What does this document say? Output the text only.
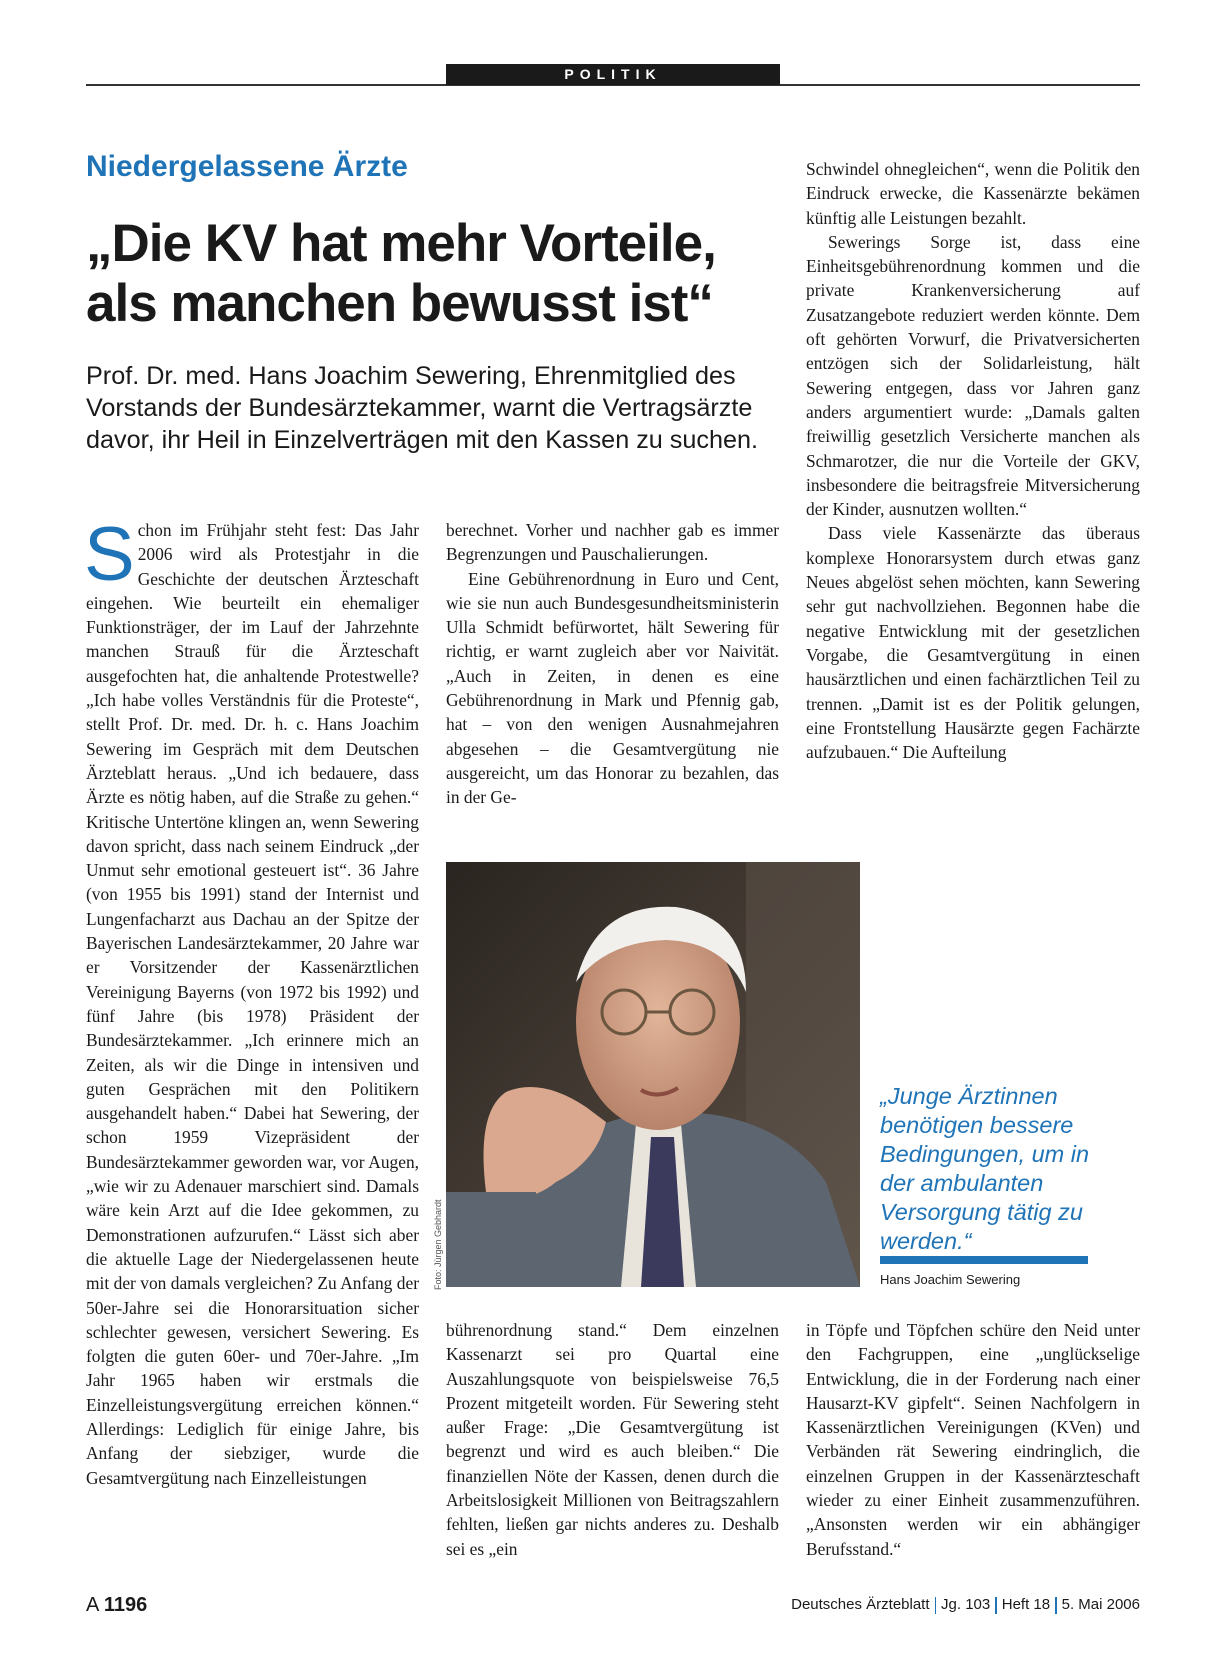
POLITIK
Niedergelassene Ärzte
„Die KV hat mehr Vorteile, als manchen bewusst ist“
Prof. Dr. med. Hans Joachim Sewering, Ehrenmitglied des Vorstands der Bundesärztekammer, warnt die Vertragsärzte davor, ihr Heil in Einzelverträgen mit den Kassen zu suchen.

Schon im Frühjahr steht fest: Das Jahr 2006 wird als Protestjahr in die Geschichte der deutschen Ärzteschaft eingehen. Wie beurteilt ein ehemaliger Funktionsträger, der im Lauf der Jahrzehnte manchen Strauß für die Ärzteschaft ausgefochten hat, die anhaltende Protestwelle? „Ich habe volles Verständnis für die Proteste“, stellt Prof. Dr. med. Dr. h. c. Hans Joachim Sewering im Gespräch mit dem Deutschen Ärzteblatt heraus. „Und ich bedauere, dass Ärzte es nötig haben, auf die Straße zu gehen.“ Kritische Untertöne klingen an, wenn Sewering davon spricht, dass nach seinem Eindruck „der Unmut sehr emotional gesteuert ist“. 36 Jahre (von 1955 bis 1991) stand der Internist und Lungenfacharzt aus Dachau an der Spitze der Bayerischen Landesärztekammer, 20 Jahre war er Vorsitzender der Kassenärztlichen Vereinigung Bayerns (von 1972 bis 1992) und fünf Jahre (bis 1978) Präsident der Bundesärztekammer. „Ich erinnere mich an Zeiten, als wir die Dinge in intensiven und guten Gesprächen mit den Politikern ausgehandelt haben.“ Dabei hat Sewering, der schon 1959 Vizepräsident der Bundesärztekammer geworden war, vor Augen, „wie wir zu Adenauer marschiert sind. Damals wäre kein Arzt auf die Idee gekommen, zu Demonstrationen aufzurufen.“ Lässt sich aber die aktuelle Lage der Niedergelassenen heute mit der von damals vergleichen? Zu Anfang der 50er-Jahre sei die Honorarsituation sicher schlechter gewesen, versichert Sewering. Es folgten die guten 60er- und 70er-Jahre. „Im Jahr 1965 haben wir erstmals die Einzelleistungsvergütung erreichen können.“ Allerdings: Lediglich für einige Jahre, bis Anfang der siebziger, wurde die Gesamtvergütung nach Einzelleistungen

berechnet. Vorher und nachher gab es immer Begrenzungen und Pauschalierungen.

Eine Gebührenordnung in Euro und Cent, wie sie nun auch Bundesgesundheitsministerin Ulla Schmidt befürwortet, hält Sewering für richtig, er warnt zugleich aber vor Naivität. „Auch in Zeiten, in denen es eine Gebührenordnung in Mark und Pfennig gab, hat – von den wenigen Ausnahmejahren abgesehen – die Gesamtvergütung nie ausgereicht, um das Honorar zu bezahlen, das in der Ge-

Foto: Jürgen Gebhardt
„Junge Ärztinnen benötigen bessere Bedingungen, um in der ambulanten Versorgung tätig zu werden.“
Hans Joachim Sewering

bührenordnung stand.“ Dem einzelnen Kassenarzt sei pro Quartal eine Auszahlungsquote von beispielsweise 76,5 Prozent mitgeteilt worden. Für Sewering steht außer Frage: „Die Gesamtvergütung ist begrenzt und wird es auch bleiben.“ Die finanziellen Nöte der Kassen, denen durch die Arbeitslosigkeit Millionen von Beitragszahlern fehlten, ließen gar nichts anderes zu. Deshalb sei es „ein

Schwindel ohnegleichen“, wenn die Politik den Eindruck erwecke, die Kassenärzte bekämen künftig alle Leistungen bezahlt.

Sewerings Sorge ist, dass eine Einheitsgebührenordnung kommen und die private Krankenversicherung auf Zusatzangebote reduziert werden könnte. Dem oft gehörten Vorwurf, die Privatversicherten entzögen sich der Solidarleistung, hält Sewering entgegen, dass vor Jahren ganz anders argumentiert wurde: „Damals galten freiwillig gesetzlich Versicherte manchen als Schmarotzer, die nur die Vorteile der GKV, insbesondere die beitragsfreie Mitversicherung der Kinder, ausnutzen wollten.“

Dass viele Kassenärzte das überaus komplexe Honorarsystem durch etwas ganz Neues abgelöst sehen möchten, kann Sewering sehr gut nachvollziehen. Begonnen habe die negative Entwicklung mit der gesetzlichen Vorgabe, die Gesamtvergütung in einen hausärztlichen und einen fachärztlichen Teil zu trennen. „Damit ist es der Politik gelungen, eine Frontstellung Hausärzte gegen Fachärzte aufzubauen.“ Die Aufteilung

in Töpfe und Töpfchen schüre den Neid unter den Fachgruppen, eine „unglückselige Entwicklung, die in der Forderung nach einer Hausarzt-KV gipfelt“. Seinen Nachfolgern in Kassenärztlichen Vereinigungen (KVen) und Verbänden rät Sewering eindringlich, die einzelnen Gruppen in der Kassenärzteschaft wieder zu einer Einheit zusammenzuführen. „Ansonsten werden wir ein abhängiger Berufsstand.“

A 1196	Deutsches Ärzteblatt Jg. 103 Heft 18 5. Mai 2006
